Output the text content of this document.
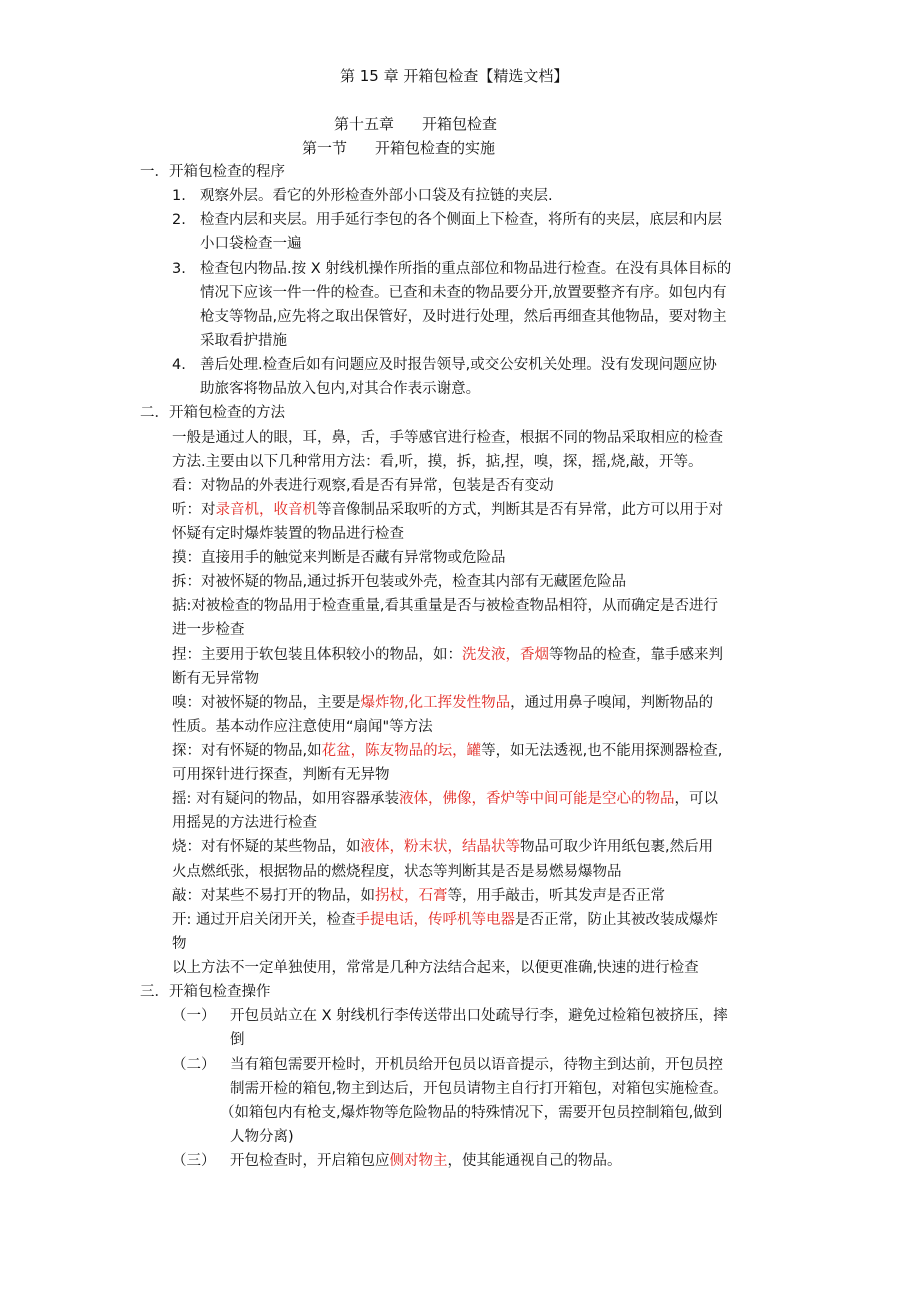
第 15 章 开箱包检查【精选文档】
第十五章 开箱包检查
第一节 开箱包检查的实施
一．开箱包检查的程序
1. 观察外层。看它的外形检查外部小口袋及有拉链的夹层.
2. 检查内层和夹层。用手延行李包的各个侧面上下检查，将所有的夹层，底层和内层
小口袋检查一遍
3. 检查包内物品.按 X 射线机操作所指的重点部位和物品进行检查。在没有具体目标的
情况下应该一件一件的检查。已查和未查的物品要分开,放置要整齐有序。如包内有
枪支等物品,应先将之取出保管好，及时进行处理，然后再细查其他物品，要对物主
采取看护措施
4. 善后处理.检查后如有问题应及时报告领导,或交公安机关处理。没有发现问题应协
助旅客将物品放入包内,对其合作表示谢意。
二．开箱包检查的方法
一般是通过人的眼，耳，鼻，舌，手等感官进行检查，根据不同的物品采取相应的检查
方法.主要由以下几种常用方法：看,听，摸，拆，掂,捏，嗅，探，摇,烧,敲，开等。
看：对物品的外表进行观察,看是否有异常，包装是否有变动
听：对录音机，收音机等音像制品采取听的方式，判断其是否有异常，此方可以用于对
怀疑有定时爆炸装置的物品进行检查
摸：直接用手的触觉来判断是否藏有异常物或危险品
拆：对被怀疑的物品,通过拆开包装或外壳，检查其内部有无藏匿危险品
掂:对被检查的物品用于检查重量,看其重量是否与被检查物品相符，从而确定是否进行
进一步检查
捏：主要用于软包装且体积较小的物品，如：洗发液，香烟等物品的检查，靠手感来判
断有无异常物
嗅：对被怀疑的物品，主要是爆炸物,化工挥发性物品，通过用鼻子嗅闻，判断物品的
性质。基本动作应注意使用“扇闻"等方法
探：对有怀疑的物品,如花盆，陈友物品的坛，罐等，如无法透视,也不能用探测器检查,
可用探针进行探查，判断有无异物
摇: 对有疑问的物品，如用容器承装液体，佛像，香炉等中间可能是空心的物品，可以
用摇晃的方法进行检查
烧：对有怀疑的某些物品，如液体，粉末状，结晶状等物品可取少许用纸包裹,然后用
火点燃纸张，根据物品的燃烧程度，状态等判断其是否是易燃易爆物品
敲：对某些不易打开的物品，如拐杖，石膏等，用手敲击，听其发声是否正常
开: 通过开启关闭开关，检查手提电话，传呼机等电器是否正常，防止其被改装成爆炸
物
以上方法不一定单独使用，常常是几种方法结合起来，以便更准确,快速的进行检查
三．开箱包检查操作
（一） 开包员站立在 X 射线机行李传送带出口处疏导行李，避免过检箱包被挤压，摔
倒
（二） 当有箱包需要开检时，开机员给开包员以语音提示，待物主到达前，开包员控
制需开检的箱包,物主到达后，开包员请物主自行打开箱包，对箱包实施检查。
（如箱包内有枪支,爆炸物等危险物品的特殊情况下，需要开包员控制箱包,做到
人物分离)
（三） 开包检查时，开启箱包应侧对物主，使其能通视自己的物品。
